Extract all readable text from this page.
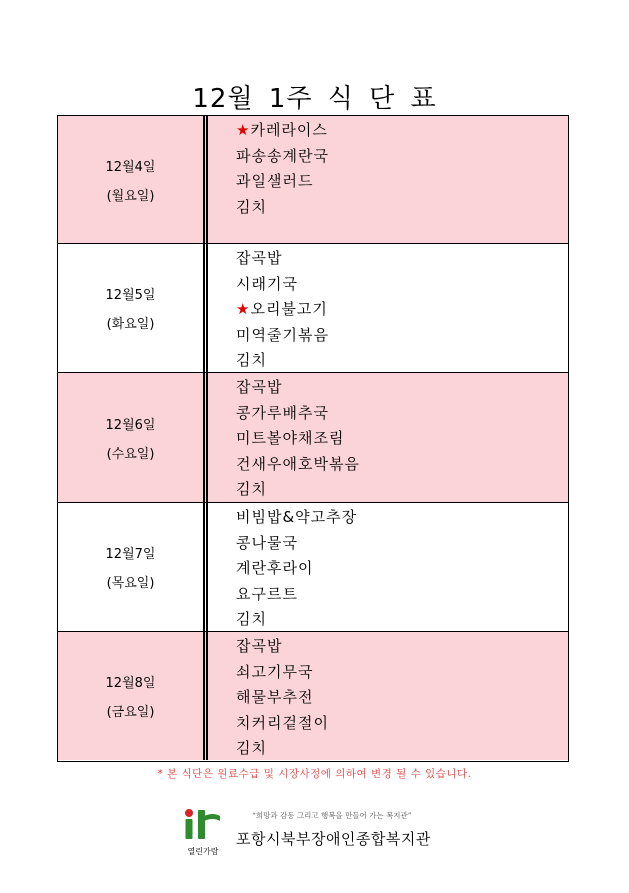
12월 1주 식 단 표
12월4일
(월요일)
★카레라이스
파송송계란국
과일샐러드
김치
12월5일
(화요일)
잡곡밥
시래기국
★오리불고기
미역줄기볶음
김치
12월6일
(수요일)
잡곡밥
콩가루배추국
미트볼야채조림
건새우애호박볶음
김치
12월7일
(목요일)
비빔밥&약고추장
콩나물국
계란후라이
요구르트
김치
12월8일
(금요일)
잡곡밥
쇠고기무국
해물부추전
치커리겉절이
김치
* 본 식단은 원료수급 및 시장사정에 의하여 변경 될 수 있습니다.
열린가람
“희망과 감동 그리고 행복을 만들어 가는 복지관”
포항시북부장애인종합복지관
